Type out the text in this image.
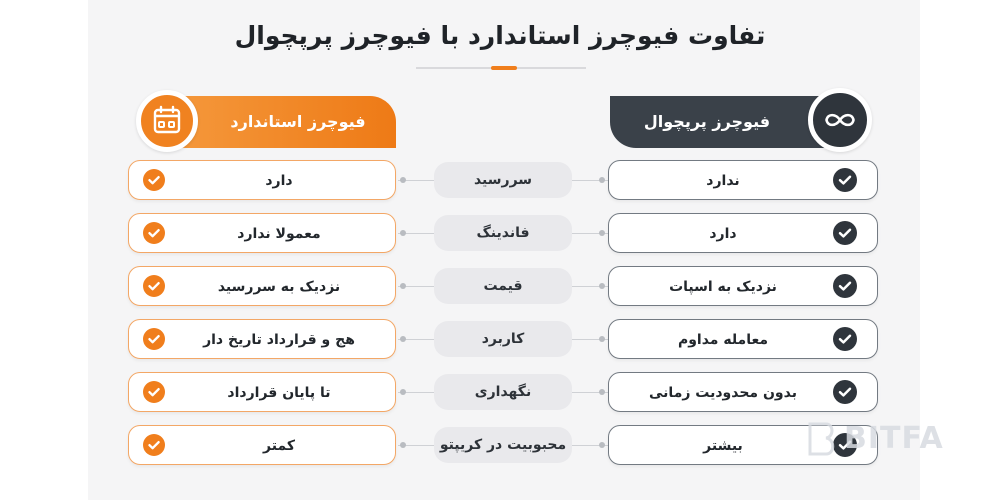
تفاوت فیوچرز استاندارد با فیوچرز پرپچوال
فیوچرز استاندارد	فیوچرز پرپچوال
دارد	سررسید	ندارد
معمولا ندارد	فاندینگ	دارد
نزدیک به سررسید	قیمت	نزدیک به اسپات
هج و قرارداد تاریخ دار	کاربرد	معامله مداوم
تا پایان قرارداد	نگهداری	بدون محدودیت زمانی
کمتر	محبوبیت در کریپتو	بیشتر	BITFA
